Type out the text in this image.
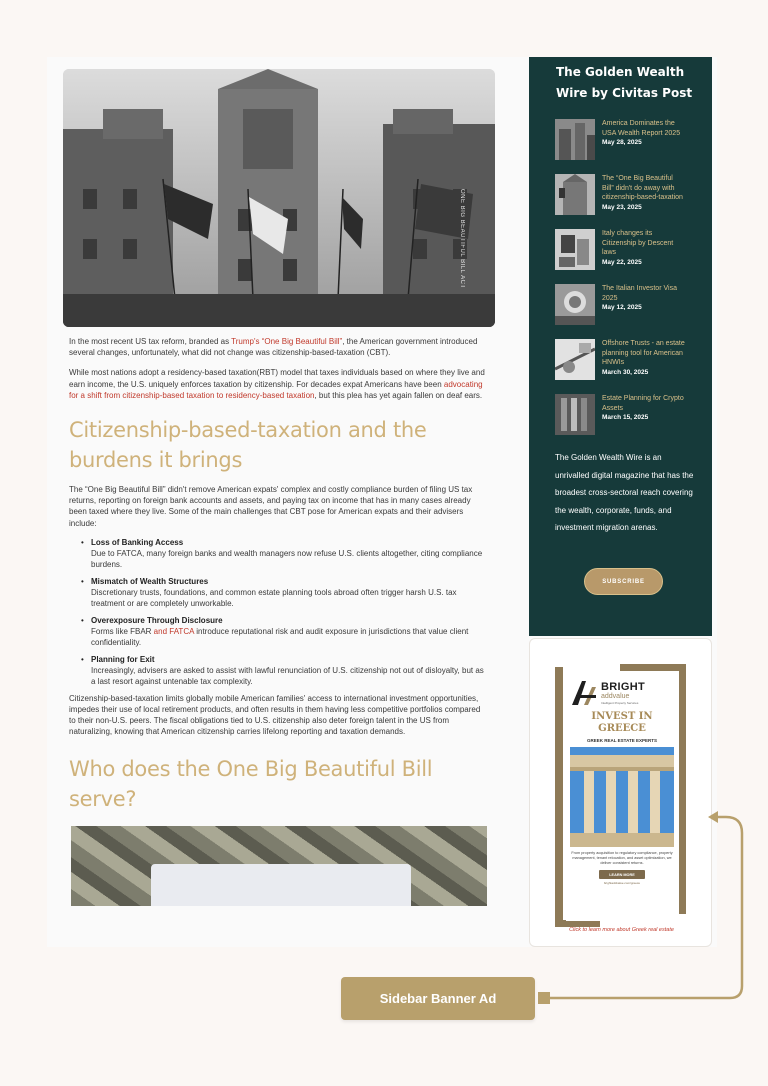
ONE BIG BEAUTIFUL BILL ACT

In the most recent US tax reform, branded as Trump's “One Big Beautiful Bill”, the American government introduced several changes, unfortunately, what did not change was citizenship-based-taxation (CBT).

While most nations adopt a residency-based taxation(RBT) model that taxes individuals based on where they live and earn income, the U.S. uniquely enforces taxation by citizenship. For decades expat Americans have been advocating for a shift from citizenship-based taxation to residency-based taxation, but this plea has yet again fallen on deaf ears.

Citizenship-based-taxation and the burdens it brings

The “One Big Beautiful Bill” didn't remove American expats' complex and costly compliance burden of filing US tax returns, reporting on foreign bank accounts and assets, and paying tax on income that has in many cases already been taxed where they live. Some of the main challenges that CBT pose for American expats and their advisers include:

• Loss of Banking Access
Due to FATCA, many foreign banks and wealth managers now refuse U.S. clients altogether, citing compliance burdens.
• Mismatch of Wealth Structures
Discretionary trusts, foundations, and common estate planning tools abroad often trigger harsh U.S. tax treatment or are completely unworkable.
• Overexposure Through Disclosure
Forms like FBAR and FATCA introduce reputational risk and audit exposure in jurisdictions that value client confidentiality.
• Planning for Exit
Increasingly, advisers are asked to assist with lawful renunciation of U.S. citizenship not out of disloyalty, but as a last resort against untenable tax complexity.

Citizenship-based-taxation limits globally mobile American families' access to international investment opportunities, impedes their use of local retirement products, and often results in them having less competitive portfolios compared to their non-U.S. peers. The fiscal obligations tied to U.S. citizenship also deter foreign talent in the US from naturalizing, knowing that American citizenship carries lifelong reporting and taxation demands.

Who does the One Big Beautiful Bill serve?
The Golden Wealth Wire by Civitas Post
America Dominates the USA Wealth Report 2025
May 28, 2025
The “One Big Beautiful Bill” didn't do away with citizenship-based-taxation
May 23, 2025
Italy changes its Citizenship by Descent laws
May 22, 2025
The Italian Investor Visa 2025
May 12, 2025
Offshore Trusts - an estate planning tool for American HNWIs
March 30, 2025
Estate Planning for Crypto Assets
March 15, 2025
The Golden Wealth Wire is an unrivalled digital magazine that has the broadest cross-sectoral reach covering the wealth, corporate, funds, and investment migration arenas.
SUBSCRIBE
BRIGHT
addvalue
Intelligent Property Services
INVEST IN GREECE
GREEK REAL ESTATE EXPERTS
From property acquisition to regulatory compliance, property management, tenant relocation, and asset optimization, we deliver consistent returns.
LEARN MORE
brightaddvalue.com/greece
Click to learn more about Greek real estate
Sidebar Banner Ad
